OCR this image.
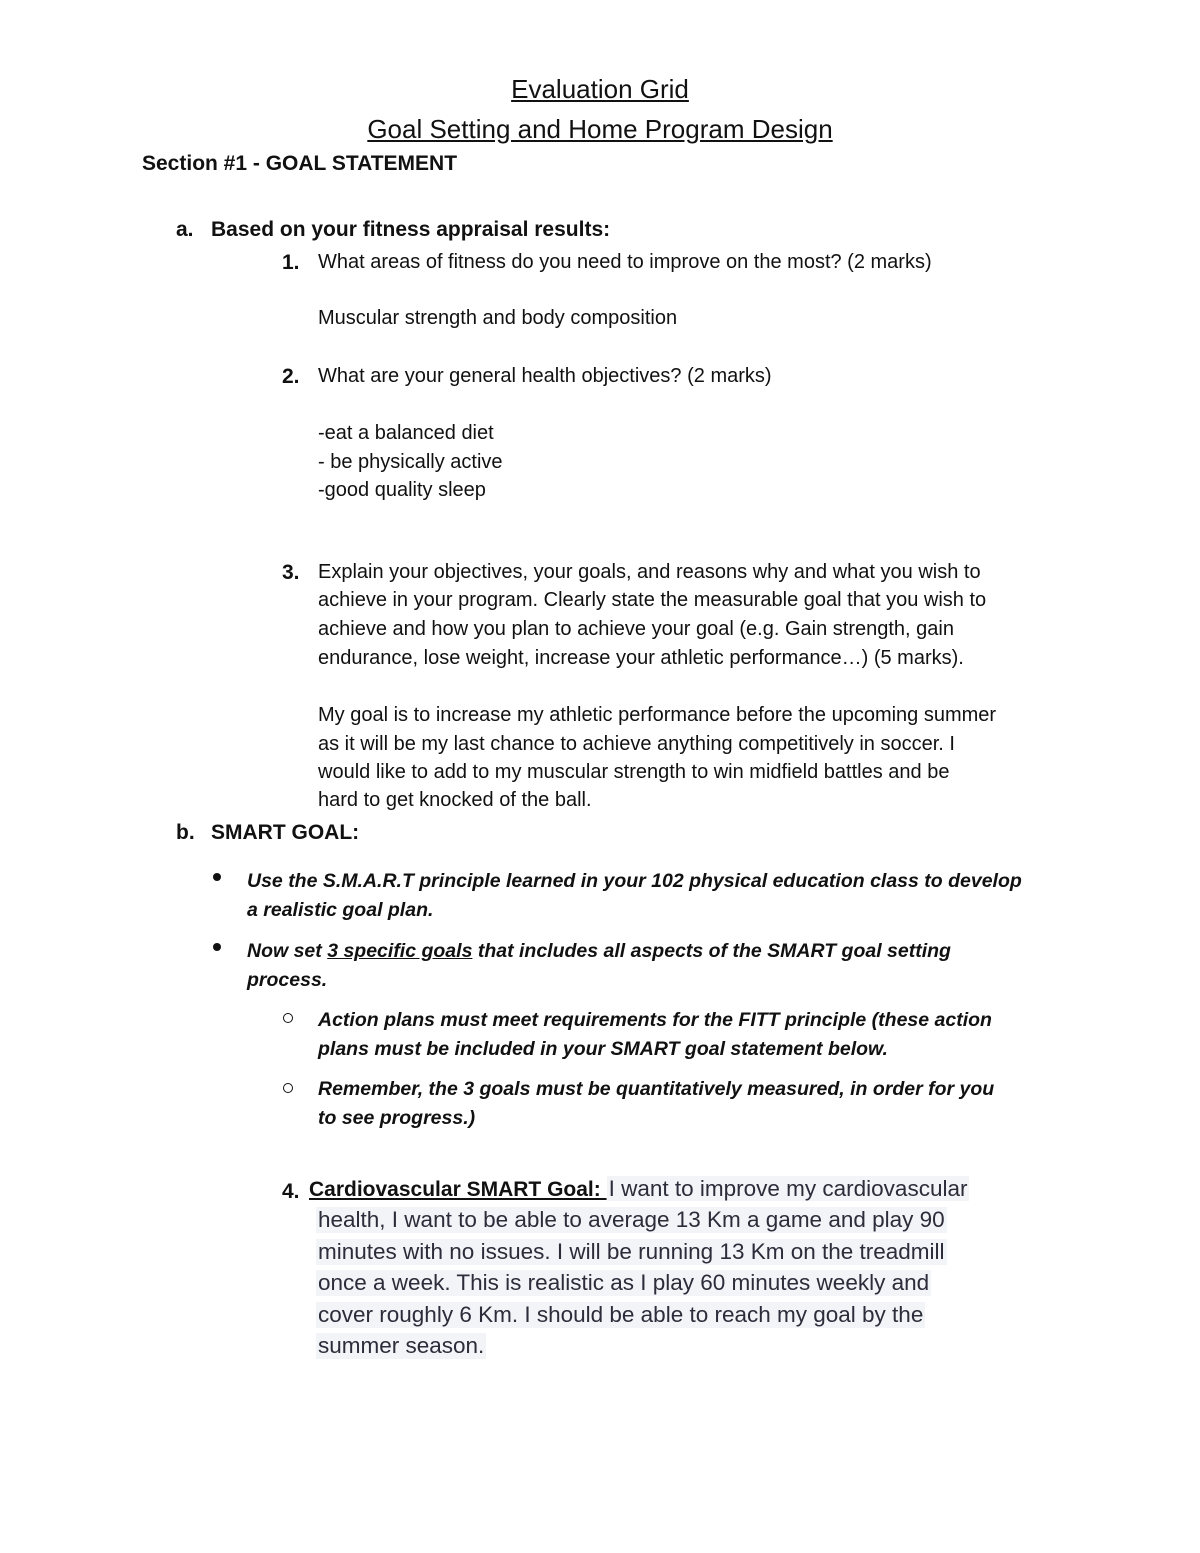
Evaluation Grid
Goal Setting and Home Program Design
Section #1 - GOAL STATEMENT
a. Based on your fitness appraisal results:
1. What areas of fitness do you need to improve on the most? (2 marks)
Muscular strength and body composition
2. What are your general health objectives? (2 marks)
-eat a balanced diet
- be physically active
-good quality sleep
3. Explain your objectives, your goals, and reasons why and what you wish to
achieve in your program. Clearly state the measurable goal that you wish to
achieve and how you plan to achieve your goal (e.g. Gain strength, gain
endurance, lose weight, increase your athletic performance…) (5 marks).
My goal is to increase my athletic performance before the upcoming summer
as it will be my last chance to achieve anything competitively in soccer. I
would like to add to my muscular strength to win midfield battles and be
hard to get knocked of the ball.
b. SMART GOAL:
Use the S.M.A.R.T principle learned in your 102 physical education class to develop
a realistic goal plan.
Now set 3 specific goals that includes all aspects of the SMART goal setting
process.
Action plans must meet requirements for the FITT principle (these action
plans must be included in your SMART goal statement below.
Remember, the 3 goals must be quantitatively measured, in order for you
to see progress.)
4. Cardiovascular SMART Goal: I want to improve my cardiovascular
health, I want to be able to average 13 Km a game and play 90
minutes with no issues. I will be running 13 Km on the treadmill
once a week. This is realistic as I play 60 minutes weekly and
cover roughly 6 Km. I should be able to reach my goal by the
summer season.
